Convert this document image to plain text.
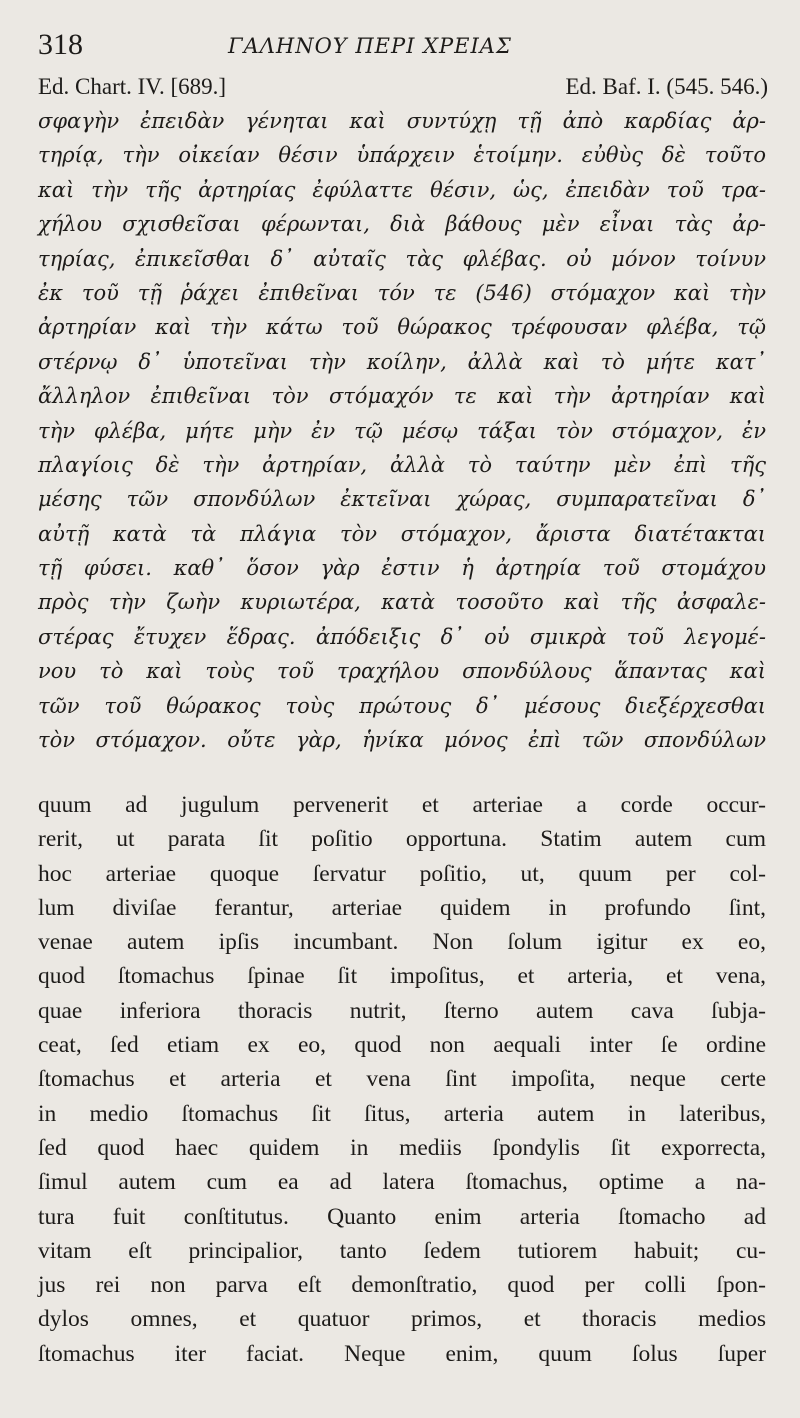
318	ΓΑΛΗΝΟΥ ΠΕΡΙ ΧΡΕΙΑΣ
Ed. Chart. IV. [689.]	Ed. Baf. I. (545. 546.)
σφαγὴν ἐπειδὰν γένηται καὶ συντύχῃ τῇ ἀπὸ καρδίας ἀρ-
τηρίᾳ, τὴν οἰκείαν θέσιν ὑπάρχειν ἑτοίμην. εὐθὺς δὲ τοῦτο
καὶ τὴν τῆς ἀρτηρίας ἐφύλαττε θέσιν, ὡς, ἐπειδὰν τοῦ τρα-
χήλου σχισθεῖσαι φέρωνται, διὰ βάθους μὲν εἶναι τὰς ἀρ-
τηρίας, ἐπικεῖσθαι δ᾽ αὐταῖς τὰς φλέβας. οὐ μόνον τοίνυν
ἐκ τοῦ τῇ ῥάχει ἐπιθεῖναι τόν τε (546) στόμαχον καὶ τὴν
ἀρτηρίαν καὶ τὴν κάτω τοῦ θώρακος τρέφουσαν φλέβα, τῷ
στέρνῳ δ᾽ ὑποτεῖναι τὴν κοίλην, ἀλλὰ καὶ τὸ μήτε κατ᾽
ἄλληλον ἐπιθεῖναι τὸν στόμαχόν τε καὶ τὴν ἀρτηρίαν καὶ
τὴν φλέβα, μήτε μὴν ἐν τῷ μέσῳ τάξαι τὸν στόμαχον, ἐν
πλαγίοις δὲ τὴν ἀρτηρίαν, ἀλλὰ τὸ ταύτην μὲν ἐπὶ τῆς
μέσης τῶν σπονδύλων ἐκτεῖναι χώρας, συμπαρατεῖναι δ᾽
αὐτῇ κατὰ τὰ πλάγια τὸν στόμαχον, ἄριστα διατέτακται
τῇ φύσει. καθ᾽ ὅσον γὰρ ἐστιν ἡ ἀρτηρία τοῦ στομάχου
πρὸς τὴν ζωὴν κυριωτέρα, κατὰ τοσοῦτο καὶ τῆς ἀσφαλε-
στέρας ἔτυχεν ἕδρας. ἀπόδειξις δ᾽ οὐ σμικρὰ τοῦ λεγομέ-
νου τὸ καὶ τοὺς τοῦ τραχήλου σπονδύλους ἅπαντας καὶ
τῶν τοῦ θώρακος τοὺς πρώτους δ᾽ μέσους διεξέρχεσθαι
τὸν στόμαχον. οὔτε γὰρ, ἡνίκα μόνος ἐπὶ τῶν σπονδύλων
quum ad jugulum pervenerit et arteriae a corde occur-
rerit, ut parata ſit poſitio opportuna. Statim autem cum
hoc arteriae quoque ſervatur poſitio, ut, quum per col-
lum diviſae ferantur, arteriae quidem in profundo ſint,
venae autem ipſis incumbant. Non ſolum igitur ex eo,
quod ſtomachus ſpinae ſit impoſitus, et arteria, et vena,
quae inferiora thoracis nutrit, ſterno autem cava ſubja-
ceat, ſed etiam ex eo, quod non aequali inter ſe ordine
ſtomachus et arteria et vena ſint impoſita, neque certe
in medio ſtomachus ſit ſitus, arteria autem in lateribus,
ſed quod haec quidem in mediis ſpondylis ſit exporrecta,
ſimul autem cum ea ad latera ſtomachus, optime a na-
tura fuit conſtitutus. Quanto enim arteria ſtomacho ad
vitam eſt principalior, tanto ſedem tutiorem habuit; cu-
jus rei non parva eſt demonſtratio, quod per colli ſpon-
dylos omnes, et quatuor primos, et thoracis medios
ſtomachus iter faciat. Neque enim, quum ſolus ſuper
